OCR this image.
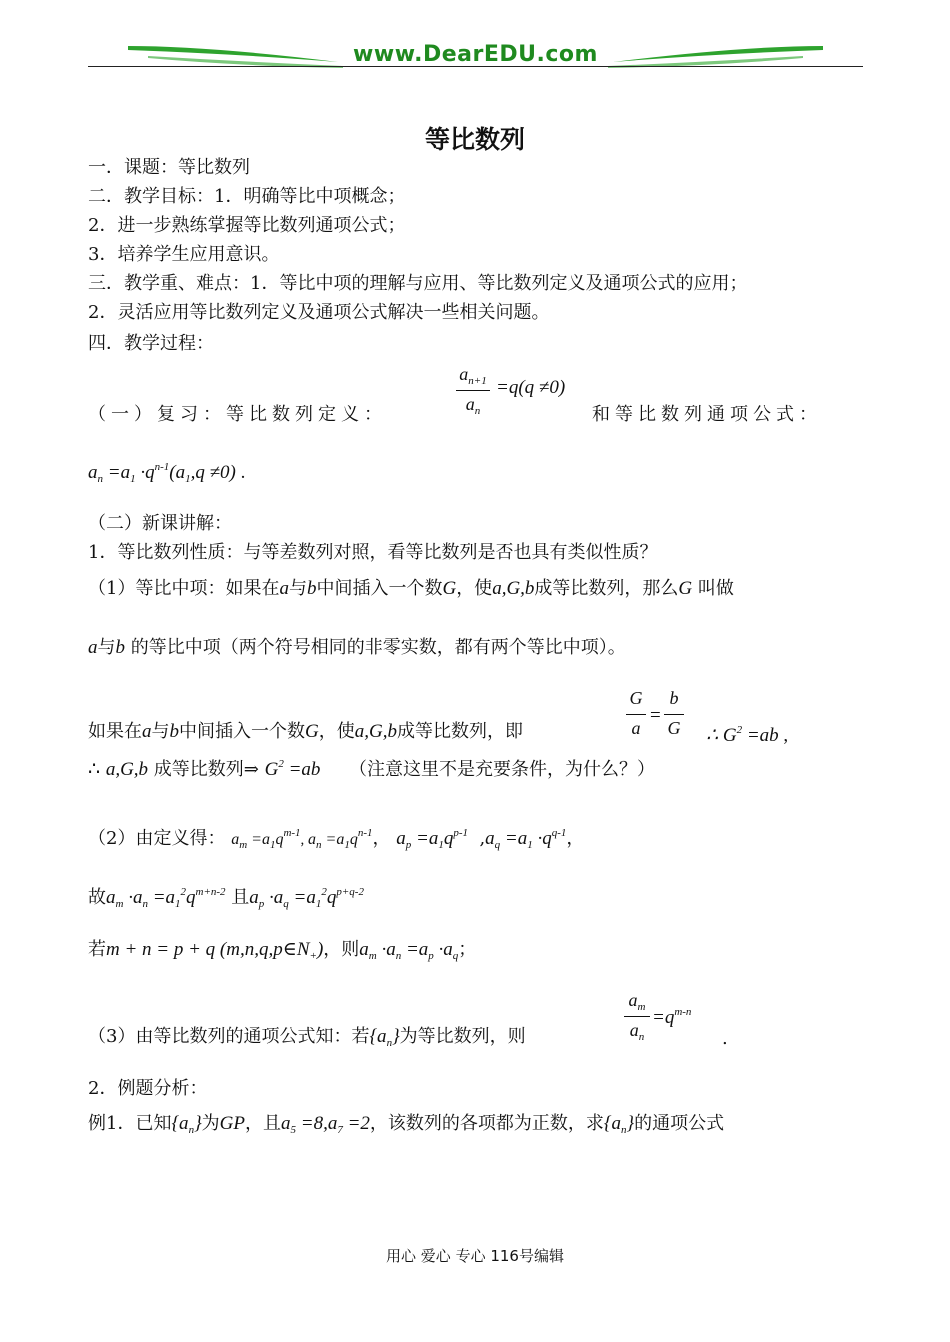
www.DearEDU.com
等比数列
一．课题：等比数列
二．教学目标：1．明确等比中项概念；
2．进一步熟练掌握等比数列通项公式；
3．培养学生应用意识。
三．教学重、难点：1．等比中项的理解与应用、等比数列定义及通项公式的应用；
2．灵活应用等比数列定义及通项公式解决一些相关问题。
四．教学过程：
（一）复习：等比数列定义：
$a_{n+1}$
$a_n$
=q(q ≠0)
和等比数列通项公式：
$a_n =a_1 \cdot q^{n-1}(a_1,q \ne 0)$ .
（二）新课讲解：
1．等比数列性质：与等差数列对照，看等比数列是否也具有类似性质？
（1）等比中项：如果在a与b中间插入一个数G，使a,G,b成等比数列，那么G 叫做
a与b 的等比中项（两个符号相同的非零实数，都有两个等比中项）。
如果在a与b中间插入一个数G，使a,G,b成等比数列，即
G
a
=
b
G ∴ $G^2 =ab$ ,
∴ a,G,b 成等比数列⇒ $G^2 =ab$ （注意这里不是充要条件，为什么？）
（2）由定义得： $a_m =a_1q^{m-1}$, $a_n =a_1q^{n-1}$， $a_p =a_1q^{p-1}$  $,a_q =a_1 \cdot q^{q-1}$，
故$a_m \cdot a_n =a_1^2q^{m+n-2}$ 且$a_p \cdot a_q =a_1^2q^{p+q-2}$
若m + n = p + q $(m,n,q,p\in N_+)$，则$a_m \cdot a_n =a_p \cdot a_q$；
（3）由等比数列的通项公式知：若$\{a_n\}$为等比数列，则
$a_m$
$a_n$
$=q^{m-n}$
.
2．例题分析：
例1．已知$\{a_n\}$为GP，且$a_5 =8,a_7 =2$，该数列的各项都为正数，求$\{a_n\}$的通项公式
用心 爱心 专心 116号编辑
